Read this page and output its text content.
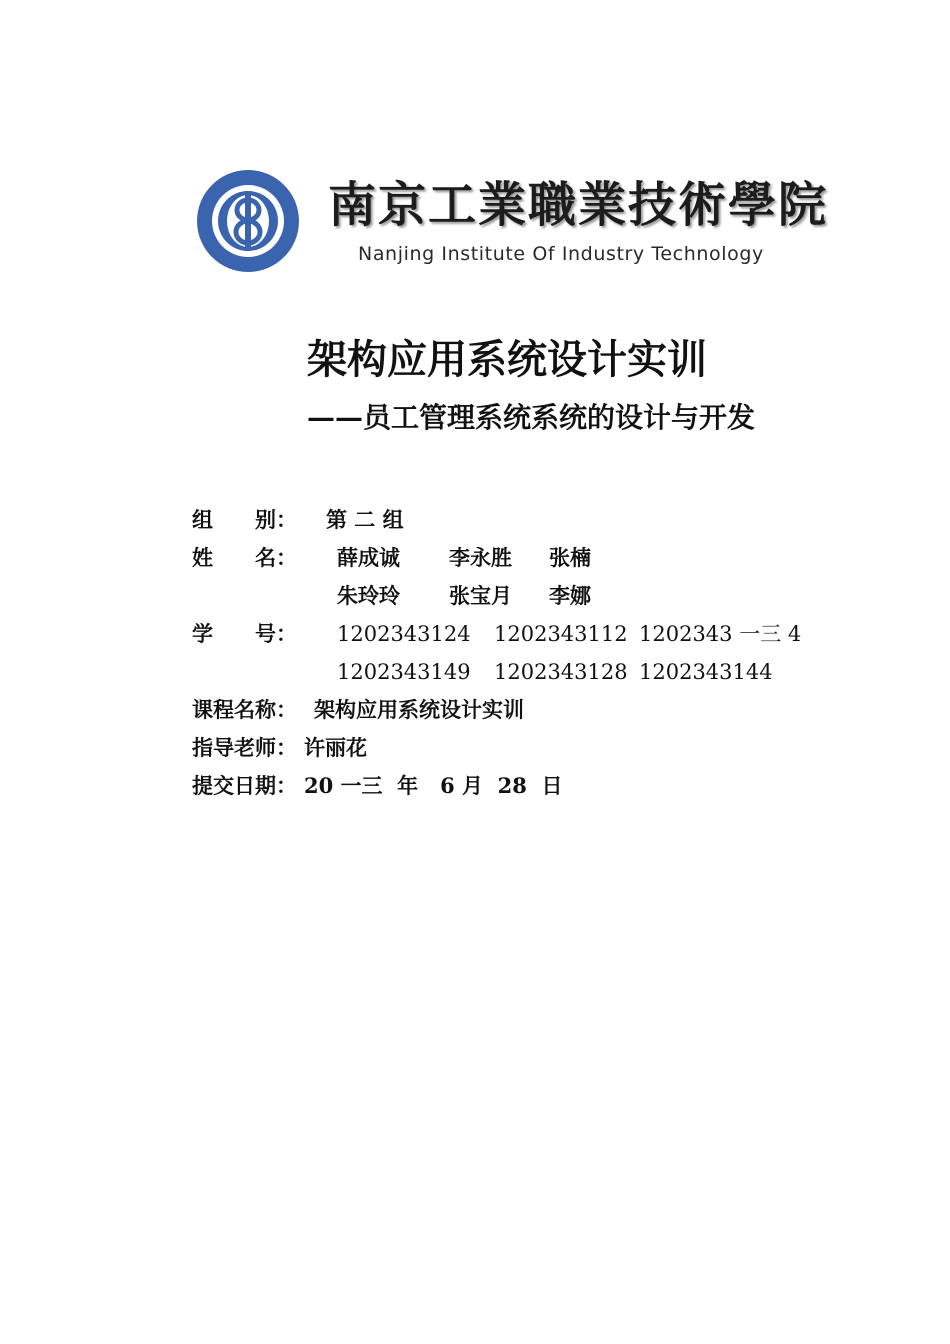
南京工業職業技術學院
Nanjing Institute Of Industry Technology
架构应用系统设计实训
——员工管理系统系统的设计与开发
组　　别： 第 二 组
姓　　名： 薛成诚 李永胜 张楠
朱玲玲 张宝月 李娜
学　　号： 1202343124 1202343112 1202343 一三 4
1202343149 1202343128 1202343144
课程名称： 架构应用系统设计实训
指导老师： 许丽花
提交日期： 20 一三  年   6 月  28  日
